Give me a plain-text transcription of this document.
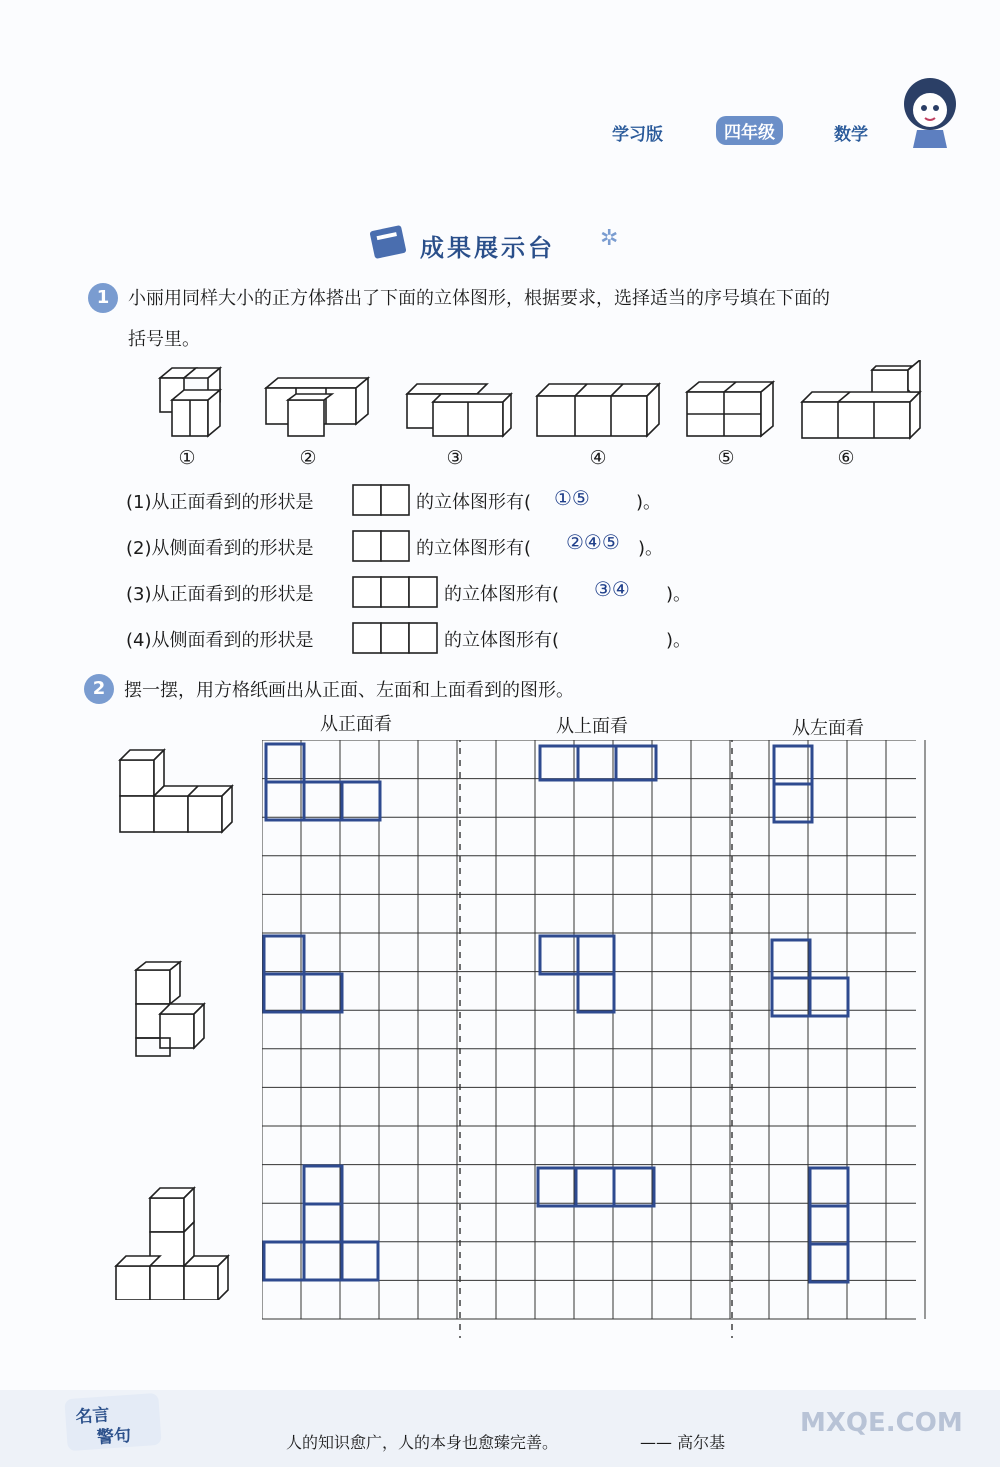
学习版	四年级	数学
成果展示台 ✲
1	小丽用同样大小的正方体搭出了下面的立体图形，根据要求，选择适当的序号填在下面的
括号里。
①	②	③	④	⑤	⑥
(1)从正面看到的形状是	的立体图形有( ①⑤	)。
(2)从侧面看到的形状是	的立体图形有( ②④⑤ )。
(3)从正面看到的形状是	的立体图形有( ③④ )。
(4)从侧面看到的形状是	的立体图形有(	)。
2	摆一摆，用方格纸画出从正面、左面和上面看到的图形。
从正面看	从上面看	从左面看
名言
警句	人的知识愈广，人的本身也愈臻完善。	—— 高尔基
MXQE.COM
